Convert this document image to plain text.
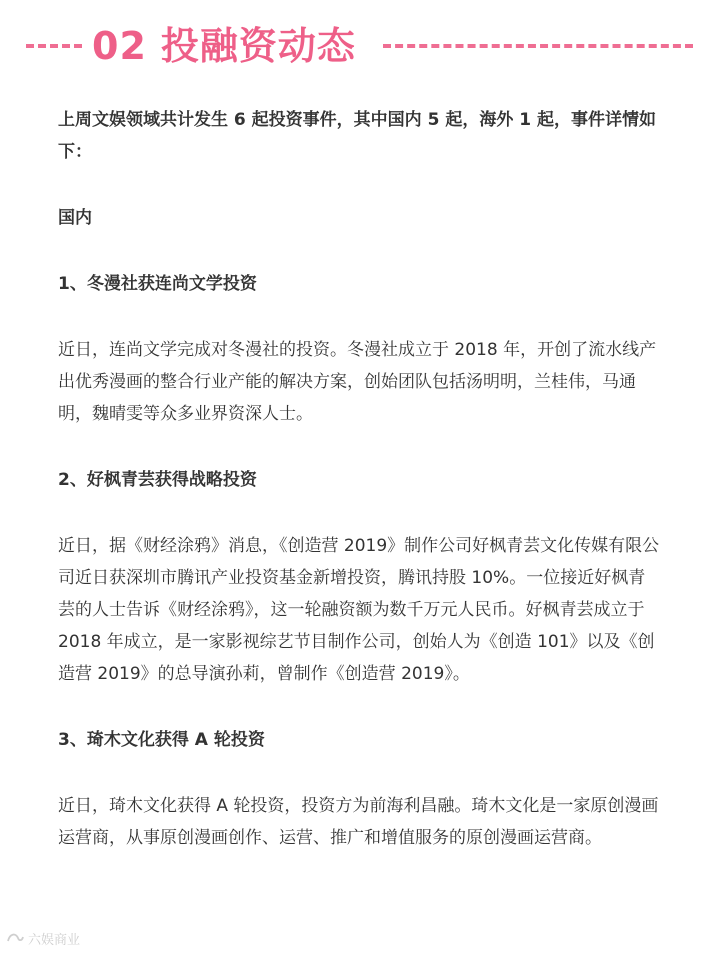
02 投融资动态

上周文娱领域共计发生 6 起投资事件，其中国内 5 起，海外 1 起，事件详情如下：

国内

1、冬漫社获连尚文学投资

近日，连尚文学完成对冬漫社的投资。冬漫社成立于 2018 年，开创了流水线产出优秀漫画的整合行业产能的解决方案，创始团队包括汤明明，兰桂伟，马通明，魏晴雯等众多业界资深人士。

2、好枫青芸获得战略投资

近日，据《财经涂鸦》消息，《创造营 2019》制作公司好枫青芸文化传媒有限公司近日获深圳市腾讯产业投资基金新增投资，腾讯持股 10%。一位接近好枫青芸的人士告诉《财经涂鸦》，这一轮融资额为数千万元人民币。好枫青芸成立于 2018 年成立，是一家影视综艺节目制作公司，创始人为《创造 101》以及《创造营 2019》的总导演孙莉，曾制作《创造营 2019》。

3、琦木文化获得 A 轮投资

近日，琦木文化获得 A 轮投资，投资方为前海利昌融。琦木文化是一家原创漫画运营商，从事原创漫画创作、运营、推广和增值服务的原创漫画运营商。

六娱商业
